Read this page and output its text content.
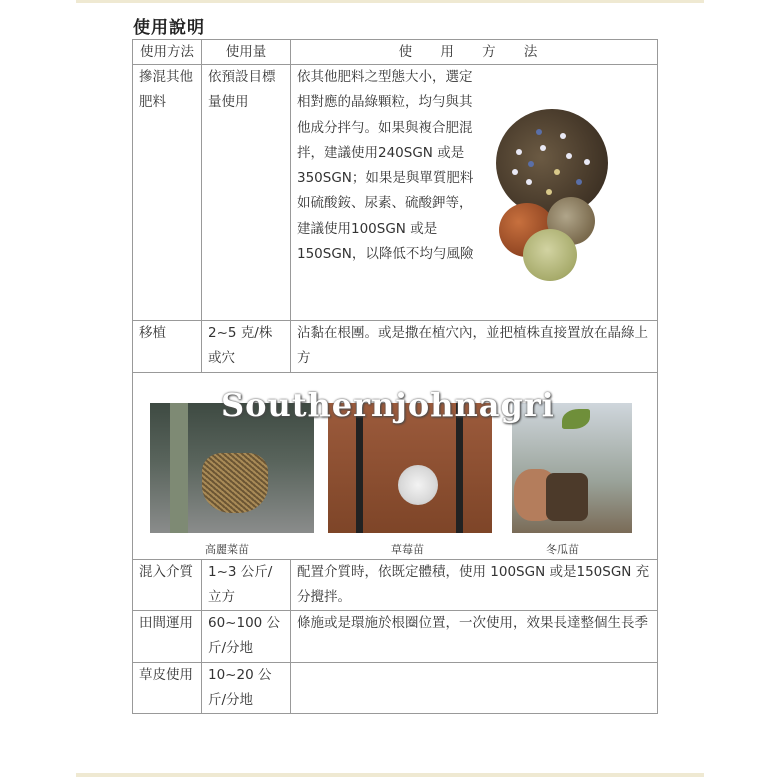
使用說明
使用方法	使用量	使 用 方 法

摻混其他肥料	依預設目標量使用	依其他肥料之型態大小，選定相對應的晶綠顆粒，均勻與其他成分拌勻。如果與複合肥混拌，建議使用240SGN 或是 350SGN；如果是與單質肥料如硫酸銨、尿素、硫酸鉀等，建議使用100SGN 或是 150SGN，以降低不均勻風險

移植	2~5 克/株或穴	沾黏在根團。或是撒在植穴內，並把植株直接置放在晶綠上方

Southernjohnagri
高麗菜苗 草莓苗 冬瓜苗		

混入介質	1~3 公斤/立方	配置介質時，依既定體積，使用 100SGN 或是150SGN 充分攪拌。

田間運用	60~100 公斤/分地	條施或是環施於根圈位置，一次使用，效果長達整個生長季

草皮使用	10~20 公斤/分地	
